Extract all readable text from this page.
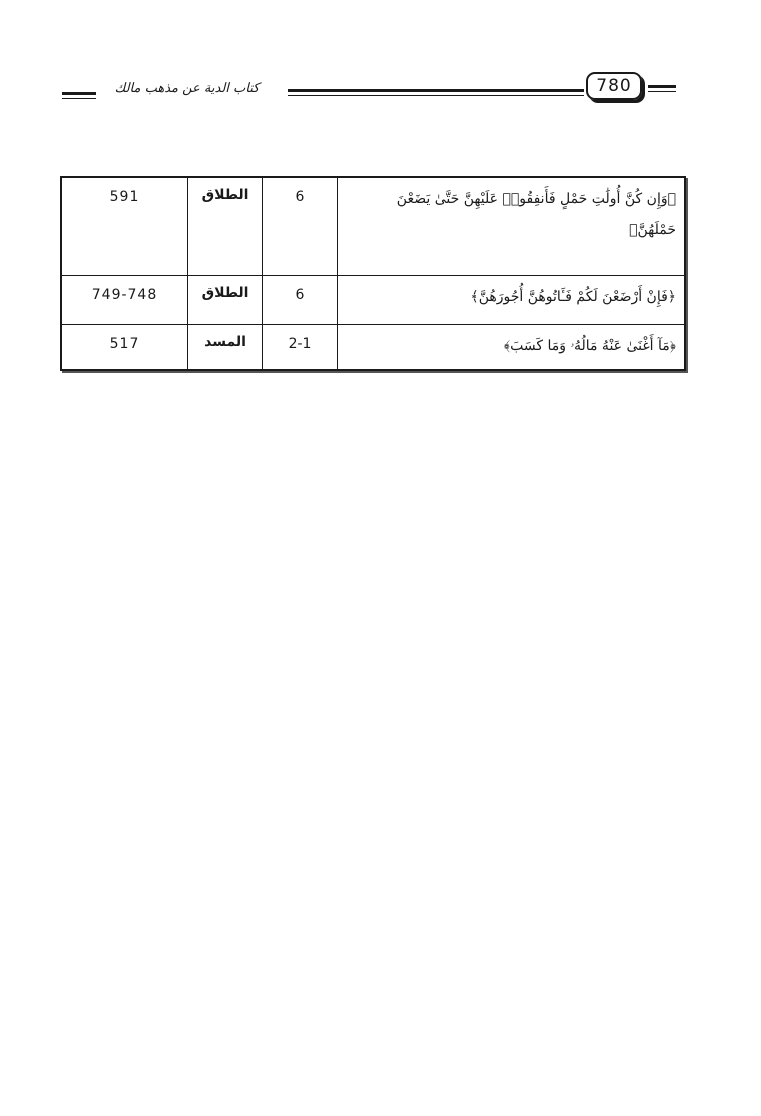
كتاب الدية عن مذهب مالك	780
﴿وَإِن كُنَّ أُولَٰتِ حَمْلٍ فَأَنفِقُوا۟ عَلَيْهِنَّ حَتَّىٰ يَضَعْنَ حَمْلَهُنَّ﴾	6	الطلاق	591
﴿فَإِنْ أَرْضَعْنَ لَكُمْ فَـَٔاتُوهُنَّ أُجُورَهُنَّ﴾	6	الطلاق	749-748
﴿مَآ أَغْنَىٰ عَنْهُ مَالُهُۥ وَمَا كَسَبَ﴾	2-1	المسد	517
